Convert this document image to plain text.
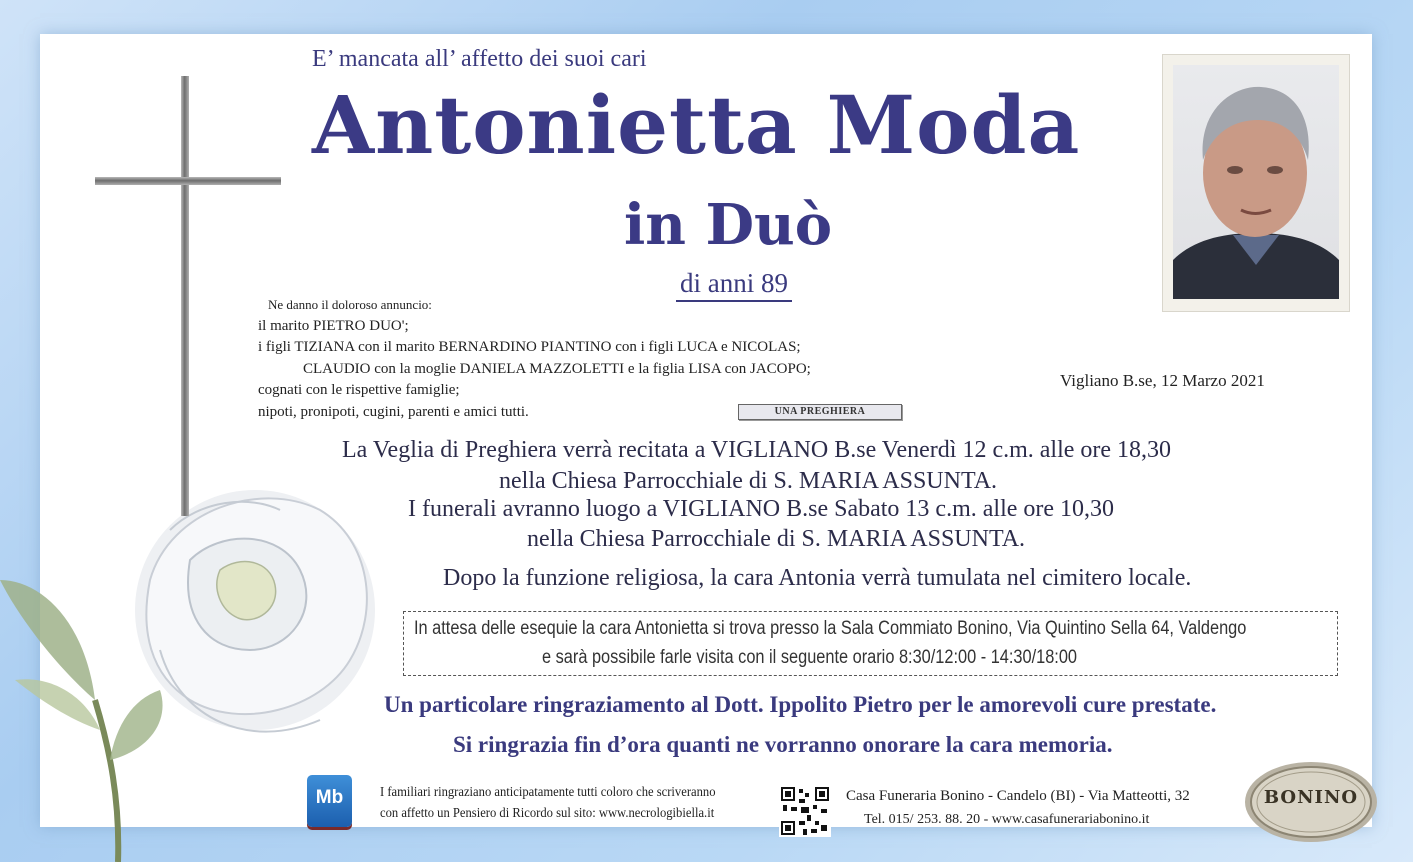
E’ mancata all’ affetto dei suoi cari
Antonietta Moda
in Duò
di anni 89
Ne danno il doloroso annuncio:
il marito PIETRO DUO';
i figli TIZIANA con il marito BERNARDINO PIANTINO con i figli LUCA e NICOLAS;
CLAUDIO con la moglie DANIELA MAZZOLETTI e la figlia LISA con JACOPO;
cognati con le rispettive famiglie;
nipoti, pronipoti, cugini, parenti e amici tutti.	UNA PREGHIERA
Vigliano B.se, 12 Marzo 2021
La Veglia di Preghiera verrà recitata a VIGLIANO B.se Venerdì 12 c.m. alle ore 18,30
nella Chiesa Parrocchiale di S. MARIA ASSUNTA.
I funerali avranno luogo a VIGLIANO B.se Sabato 13 c.m. alle ore 10,30
nella Chiesa Parrocchiale di S. MARIA ASSUNTA.
Dopo la funzione religiosa, la cara Antonia verrà tumulata nel cimitero locale.
In attesa delle esequie la cara Antonietta si trova presso la Sala Commiato Bonino, Via Quintino Sella 64, Valdengo
e sarà possibile farle visita con il seguente orario 8:30/12:00 - 14:30/18:00
Un particolare ringraziamento al Dott. Ippolito Pietro per le amorevoli cure prestate.
Si ringrazia fin d’ora quanti ne vorranno onorare la cara memoria.
Mb	I familiari ringraziano anticipatamente tutti coloro che scriveranno
con affetto un Pensiero di Ricordo sul sito: www.necrologibiella.it
Casa Funeraria Bonino - Candelo (BI) - Via Matteotti, 32
Tel. 015/ 253. 88. 20 - www.casafunerariabonino.it
BONINO
